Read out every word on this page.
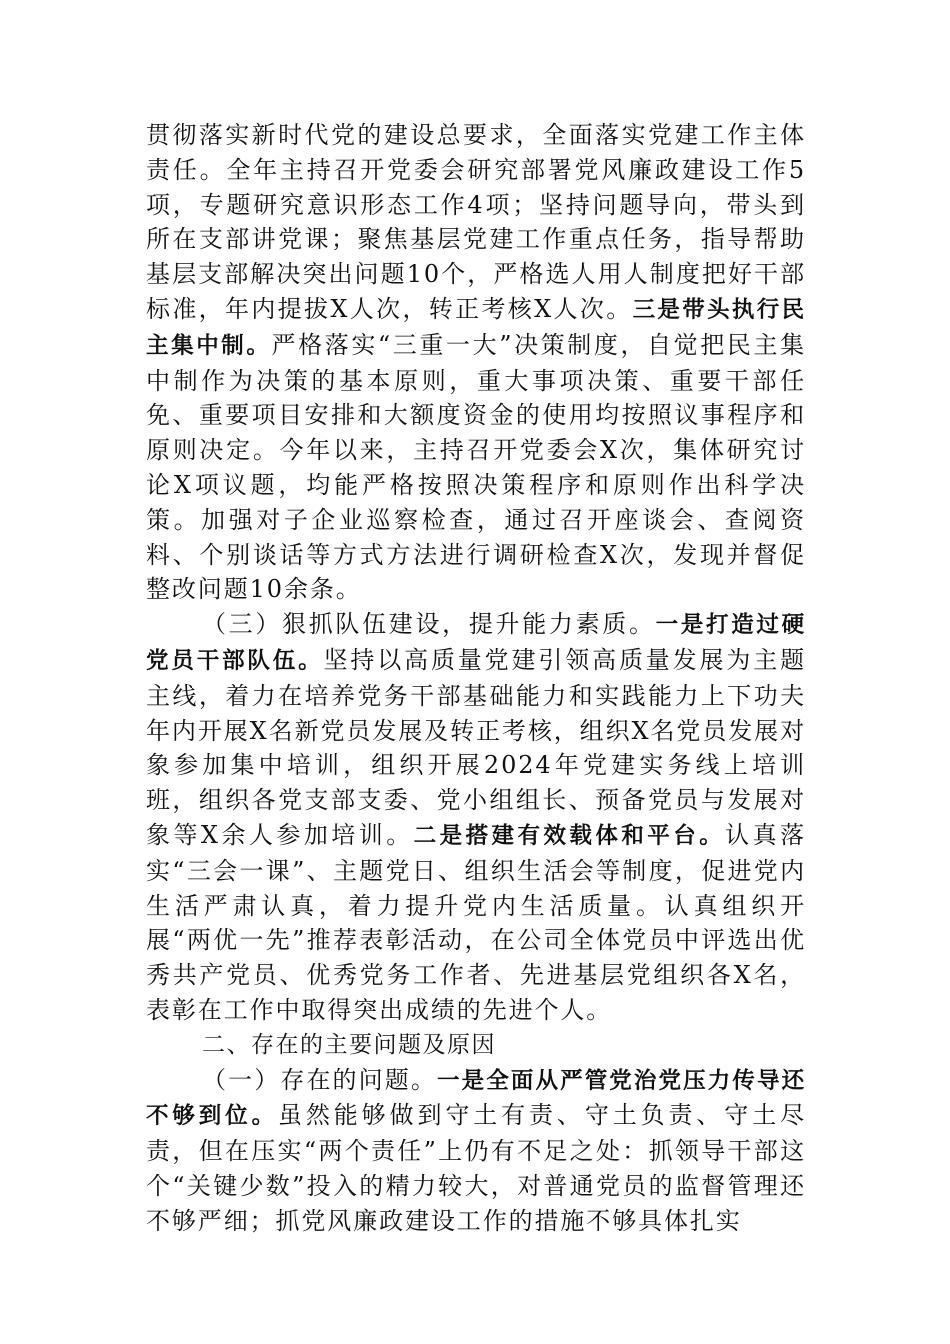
贯彻落实新时代党的建设总要求，全面落实党建工作主体责任。全年主持召开党委会研究部署党风廉政建设工作5项，专题研究意识形态工作4项；坚持问题导向，带头到所在支部讲党课；聚焦基层党建工作重点任务，指导帮助基层支部解决突出问题10个，严格选人用人制度把好干部标准，年内提拔X人次，转正考核X人次。三是带头执行民主集中制。严格落实“三重一大”决策制度，自觉把民主集中制作为决策的基本原则，重大事项决策、重要干部任免、重要项目安排和大额度资金的使用均按照议事程序和原则决定。今年以来，主持召开党委会X次，集体研究讨论X项议题，均能严格按照决策程序和原则作出科学决策。加强对子企业巡察检查，通过召开座谈会、查阅资料、个别谈话等方式方法进行调研检查X次，发现并督促整改问题10余条。

（三）狠抓队伍建设，提升能力素质。一是打造过硬党员干部队伍。坚持以高质量党建引领高质量发展为主题主线，着力在培养党务干部基础能力和实践能力上下功夫年内开展X名新党员发展及转正考核，组织X名党员发展对象参加集中培训，组织开展2024年党建实务线上培训班，组织各党支部支委、党小组组长、预备党员与发展对象等X余人参加培训。二是搭建有效载体和平台。认真落实“三会一课”、主题党日、组织生活会等制度，促进党内生活严肃认真，着力提升党内生活质量。认真组织开展“两优一先”推荐表彰活动，在公司全体党员中评选出优秀共产党员、优秀党务工作者、先进基层党组织各X名，表彰在工作中取得突出成绩的先进个人。

二、存在的主要问题及原因

（一）存在的问题。一是全面从严管党治党压力传导还不够到位。虽然能够做到守土有责、守土负责、守土尽责，但在压实“两个责任”上仍有不足之处：抓领导干部这个“关键少数”投入的精力较大，对普通党员的监督管理还不够严细；抓党风廉政建设工作的措施不够具体扎实
